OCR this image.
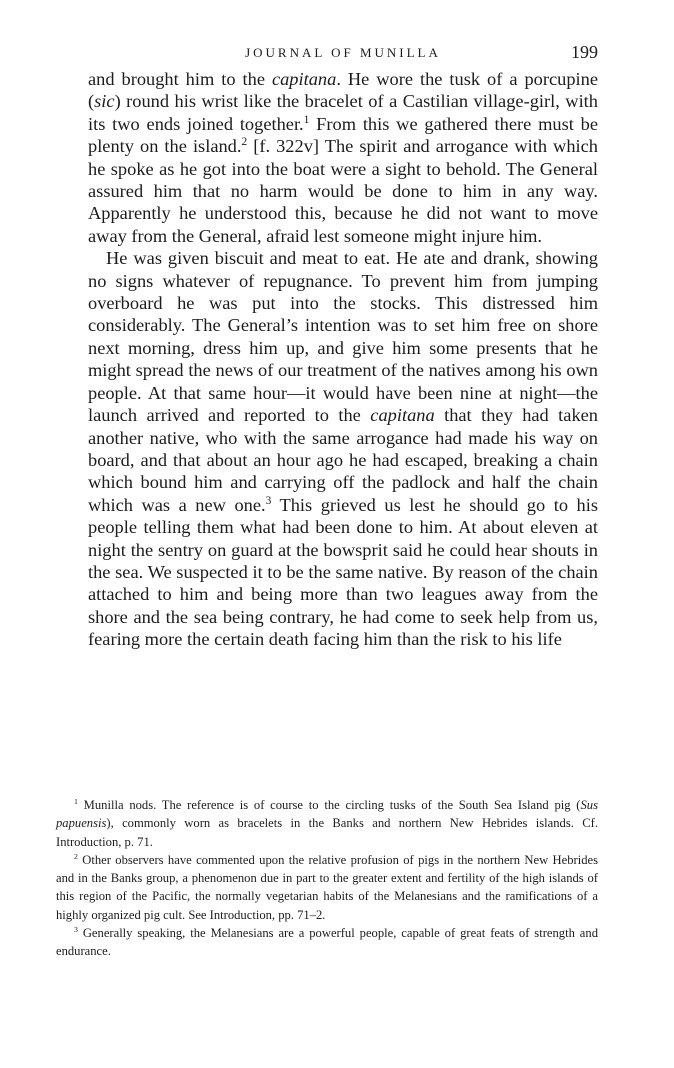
JOURNAL OF MUNILLA	199

and brought him to the capitana. He wore the tusk of a porcupine (sic) round his wrist like the bracelet of a Castilian village-girl, with its two ends joined together.$^1$ From this we gathered there must be plenty on the island.$^2$ [f. 322v] The spirit and arrogance with which he spoke as he got into the boat were a sight to behold. The General assured him that no harm would be done to him in any way. Apparently he understood this, because he did not want to move away from the General, afraid lest someone might injure him.

He was given biscuit and meat to eat. He ate and drank, showing no signs whatever of repugnance. To prevent him from jumping overboard he was put into the stocks. This distressed him considerably. The General’s intention was to set him free on shore next morning, dress him up, and give him some presents that he might spread the news of our treatment of the natives among his own people. At that same hour—it would have been nine at night—the launch arrived and reported to the capitana that they had taken another native, who with the same arrogance had made his way on board, and that about an hour ago he had escaped, breaking a chain which bound him and carrying off the padlock and half the chain which was a new one.$^3$ This grieved us lest he should go to his people telling them what had been done to him. At about eleven at night the sentry on guard at the bowsprit said he could hear shouts in the sea. We suspected it to be the same native. By reason of the chain attached to him and being more than two leagues away from the shore and the sea being contrary, he had come to seek help from us, fearing more the certain death facing him than the risk to his life

$^1$ Munilla nods. The reference is of course to the circling tusks of the South Sea Island pig (Sus papuensis), commonly worn as bracelets in the Banks and northern New Hebrides islands. Cf. Introduction, p. 71.

$^2$ Other observers have commented upon the relative profusion of pigs in the northern New Hebrides and in the Banks group, a phenomenon due in part to the greater extent and fertility of the high islands of this region of the Pacific, the normally vegetarian habits of the Melanesians and the ramifications of a highly organized pig cult. See Introduction, pp. 71–2.

$^3$ Generally speaking, the Melanesians are a powerful people, capable of great feats of strength and endurance.
